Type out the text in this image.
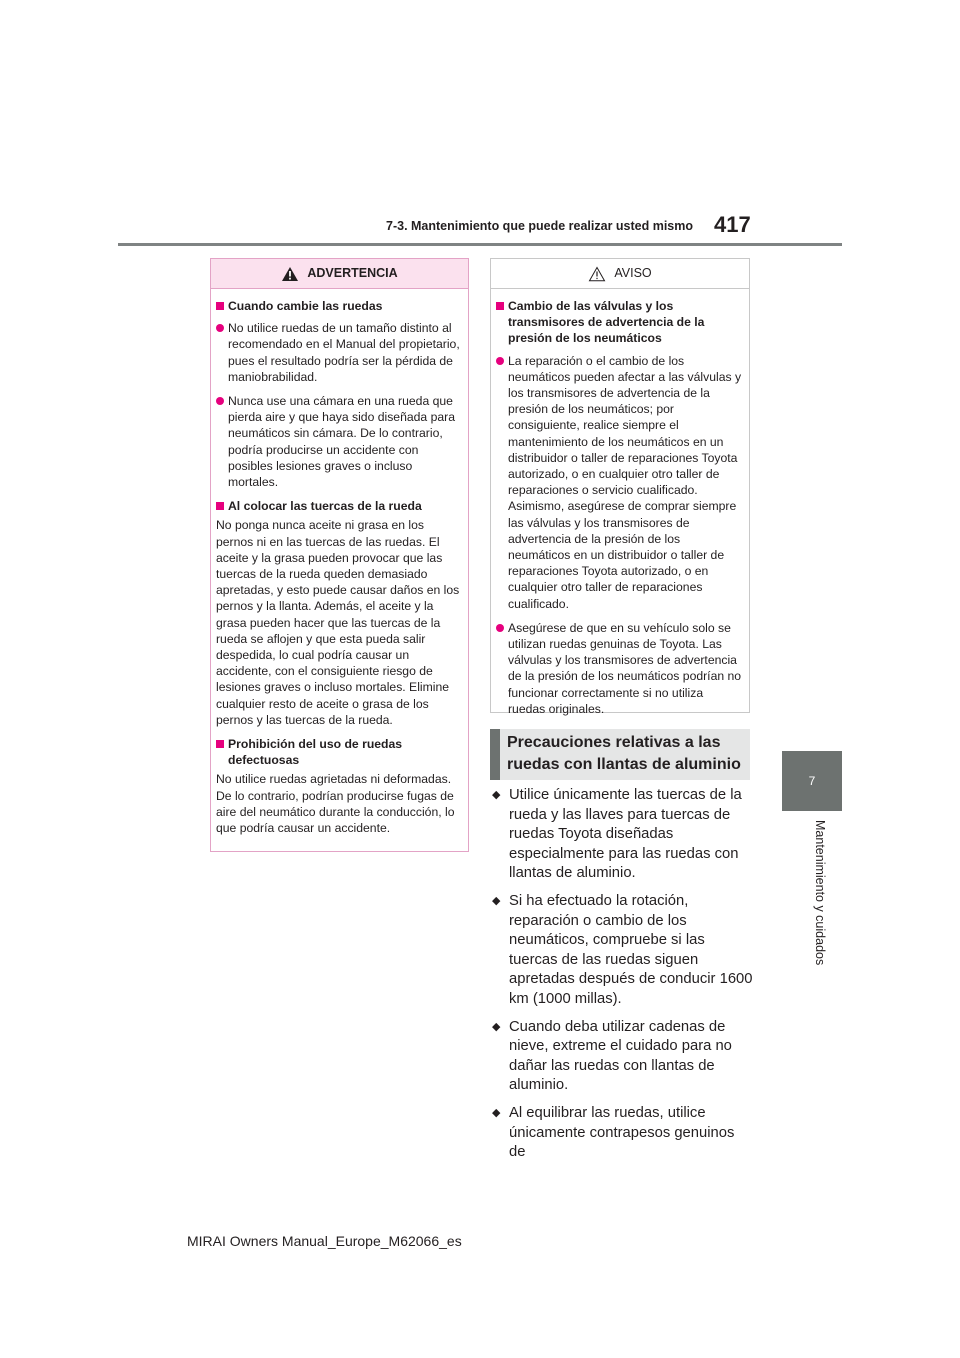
7-3. Mantenimiento que puede realizar usted mismo 417
7
Mantenimiento y cuidados
ADVERTENCIA
Cuando cambie las ruedas
No utilice ruedas de un tamaño distinto al recomendado en el Manual del propietario, pues el resultado podría ser la pérdida de maniobrabilidad.
Nunca use una cámara en una rueda que pierda aire y que haya sido diseñada para neumáticos sin cámara. De lo contrario, podría producirse un accidente con posibles lesiones graves o incluso mortales.
Al colocar las tuercas de la rueda
No ponga nunca aceite ni grasa en los pernos ni en las tuercas de las ruedas. El aceite y la grasa pueden provocar que las tuercas de la rueda queden demasiado apretadas, y esto puede causar daños en los pernos y la llanta. Además, el aceite y la grasa pueden hacer que las tuercas de la rueda se aflojen y que esta pueda salir despedida, lo cual podría causar un accidente, con el consiguiente riesgo de lesiones graves o incluso mortales. Elimine cualquier resto de aceite o grasa de los pernos y las tuercas de la rueda.
Prohibición del uso de ruedas defectuosas
No utilice ruedas agrietadas ni deformadas. De lo contrario, podrían producirse fugas de aire del neumático durante la conducción, lo que podría causar un accidente.
AVISO
Cambio de las válvulas y los transmisores de advertencia de la presión de los neumáticos
La reparación o el cambio de los neumáticos pueden afectar a las válvulas y los transmisores de advertencia de la presión de los neumáticos; por consiguiente, realice siempre el mantenimiento de los neumáticos en un distribuidor o taller de reparaciones Toyota autorizado, o en cualquier otro taller de reparaciones o servicio cualificado. Asimismo, asegúrese de comprar siempre las válvulas y los transmisores de advertencia de la presión de los neumáticos en un distribuidor o taller de reparaciones Toyota autorizado, o en cualquier otro taller de reparaciones cualificado.
Asegúrese de que en su vehículo solo se utilizan ruedas genuinas de Toyota. Las válvulas y los transmisores de advertencia de la presión de los neumáticos podrían no funcionar correctamente si no utiliza ruedas originales.
Precauciones relativas a las ruedas con llantas de aluminio
◆
Utilice únicamente las tuercas de la rueda y las llaves para tuercas de ruedas Toyota diseñadas especialmente para las ruedas con llantas de aluminio.
◆
Si ha efectuado la rotación, reparación o cambio de los neumáticos, compruebe si las tuercas de las ruedas siguen apretadas después de conducir 1600 km (1000 millas).
◆
Cuando deba utilizar cadenas de nieve, extreme el cuidado para no dañar las ruedas con llantas de aluminio.
◆
Al equilibrar las ruedas, utilice únicamente contrapesos genuinos de
MIRAI Owners Manual_Europe_M62066_es
